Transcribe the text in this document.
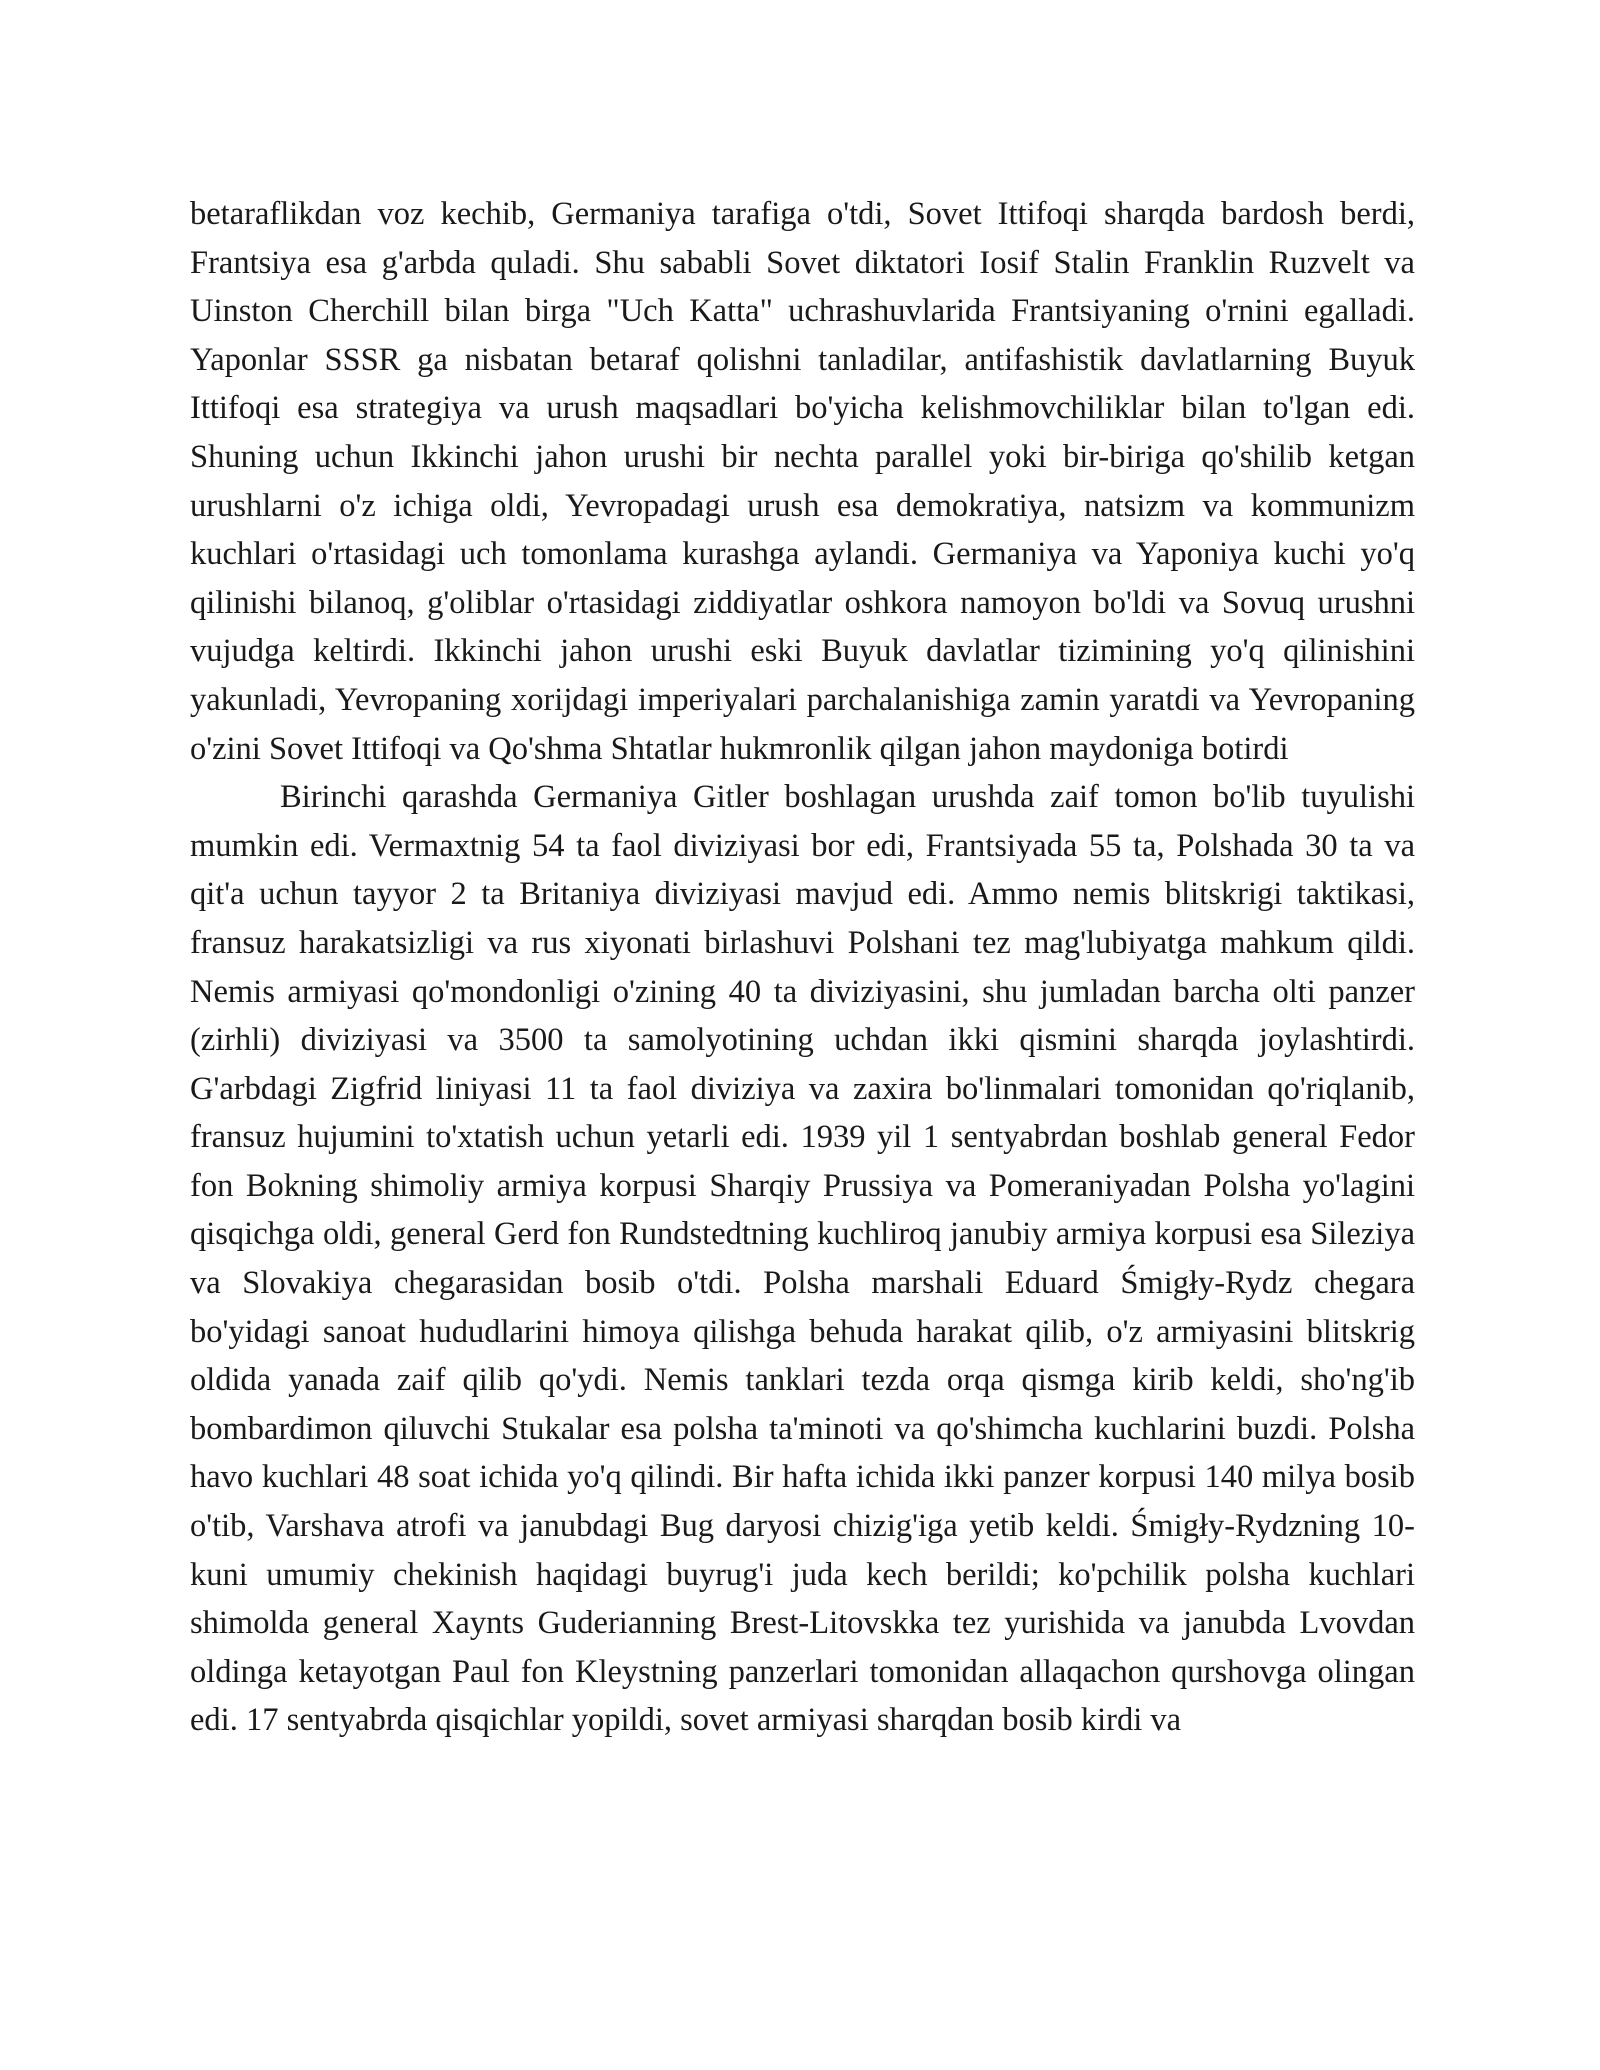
betaraflikdan voz kechib, Germaniya tarafiga o'tdi, Sovet Ittifoqi sharqda bardosh berdi, Frantsiya esa g'arbda quladi. Shu sababli Sovet diktatori Iosif Stalin Franklin Ruzvelt va Uinston Cherchill bilan birga "Uch Katta" uchrashuvlarida Frantsiyaning o'rnini egalladi. Yaponlar SSSR ga nisbatan betaraf qolishni tanladilar, antifashistik davlatlarning Buyuk Ittifoqi esa strategiya va urush maqsadlari bo'yicha kelishmovchiliklar bilan to'lgan edi. Shuning uchun Ikkinchi jahon urushi bir nechta parallel yoki bir-biriga qo'shilib ketgan urushlarni o'z ichiga oldi, Yevropadagi urush esa demokratiya, natsizm va kommunizm kuchlari o'rtasidagi uch tomonlama kurashga aylandi. Germaniya va Yaponiya kuchi yo'q qilinishi bilanoq, g'oliblar o'rtasidagi ziddiyatlar oshkora namoyon bo'ldi va Sovuq urushni vujudga keltirdi. Ikkinchi jahon urushi eski Buyuk davlatlar tizimining yo'q qilinishini yakunladi, Yevropaning xorijdagi imperiyalari parchalanishiga zamin yaratdi va Yevropaning o'zini Sovet Ittifoqi va Qo'shma Shtatlar hukmronlik qilgan jahon maydoniga botirdi

Birinchi qarashda Germaniya Gitler boshlagan urushda zaif tomon bo'lib tuyulishi mumkin edi. Vermaxtnig 54 ta faol diviziyasi bor edi, Frantsiyada 55 ta, Polshada 30 ta va qit'a uchun tayyor 2 ta Britaniya diviziyasi mavjud edi. Ammo nemis blitskrigi taktikasi, fransuz harakatsizligi va rus xiyonati birlashuvi Polshani tez mag'lubiyatga mahkum qildi. Nemis armiyasi qo'mondonligi o'zining 40 ta diviziyasini, shu jumladan barcha olti panzer (zirhli) diviziyasi va 3500 ta samolyotining uchdan ikki qismini sharqda joylashtirdi. G'arbdagi Zigfrid liniyasi 11 ta faol diviziya va zaxira bo'linmalari tomonidan qo'riqlanib, fransuz hujumini to'xtatish uchun yetarli edi. 1939 yil 1 sentyabrdan boshlab general Fedor fon Bokning shimoliy armiya korpusi Sharqiy Prussiya va Pomeraniyadan Polsha yo'lagini qisqichga oldi, general Gerd fon Rundstedtning kuchliroq janubiy armiya korpusi esa Sileziya va Slovakiya chegarasidan bosib o'tdi. Polsha marshali Eduard Śmigły-Rydz chegara bo'yidagi sanoat hududlarini himoya qilishga behuda harakat qilib, o'z armiyasini blitskrig oldida yanada zaif qilib qo'ydi. Nemis tanklari tezda orqa qismga kirib keldi, sho'ng'ib bombardimon qiluvchi Stukalar esa polsha ta'minoti va qo'shimcha kuchlarini buzdi. Polsha havo kuchlari 48 soat ichida yo'q qilindi. Bir hafta ichida ikki panzer korpusi 140 milya bosib o'tib, Varshava atrofi va janubdagi Bug daryosi chizig'iga yetib keldi. Śmigły-Rydzning 10-kuni umumiy chekinish haqidagi buyrug'i juda kech berildi; ko'pchilik polsha kuchlari shimolda general Xaynts Guderianning Brest-Litovskka tez yurishida va janubda Lvovdan oldinga ketayotgan Paul fon Kleystning panzerlari tomonidan allaqachon qurshovga olingan edi. 17 sentyabrda qisqichlar yopildi, sovet armiyasi sharqdan bosib kirdi va
